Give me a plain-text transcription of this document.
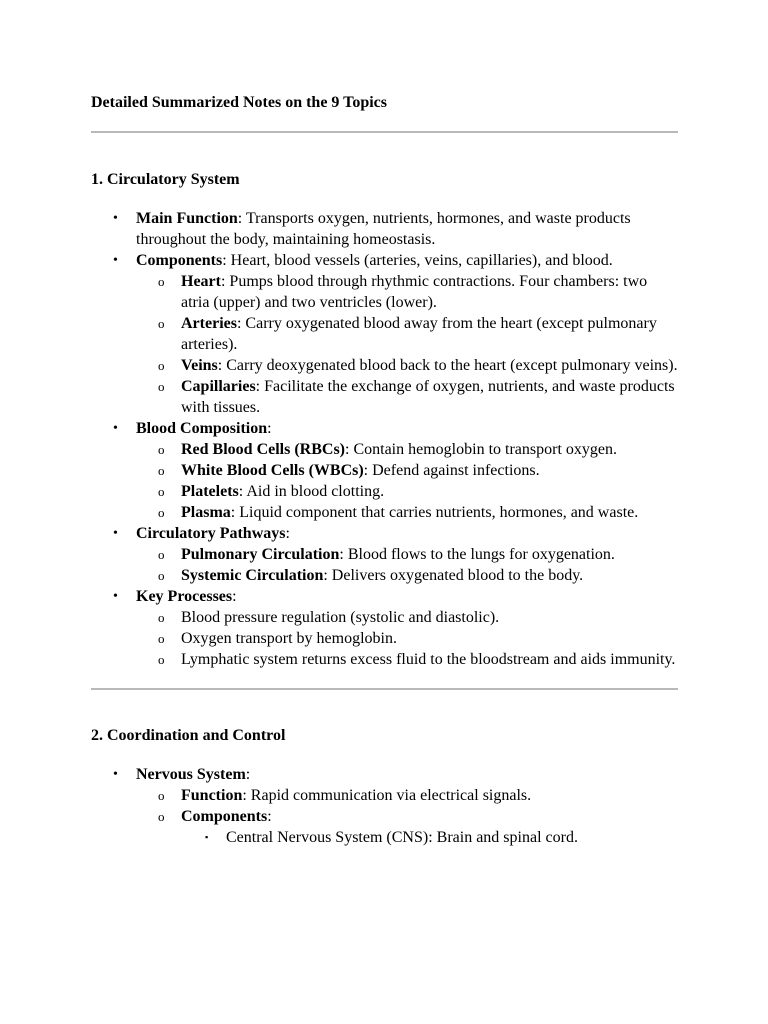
Detailed Summarized Notes on the 9 Topics
1. Circulatory System
• Main Function: Transports oxygen, nutrients, hormones, and waste products throughout the body, maintaining homeostasis.
• Components: Heart, blood vessels (arteries, veins, capillaries), and blood.
o Heart: Pumps blood through rhythmic contractions. Four chambers: two atria (upper) and two ventricles (lower).
o Arteries: Carry oxygenated blood away from the heart (except pulmonary arteries).
o Veins: Carry deoxygenated blood back to the heart (except pulmonary veins).
o Capillaries: Facilitate the exchange of oxygen, nutrients, and waste products with tissues.
• Blood Composition:
o Red Blood Cells (RBCs): Contain hemoglobin to transport oxygen.
o White Blood Cells (WBCs): Defend against infections.
o Platelets: Aid in blood clotting.
o Plasma: Liquid component that carries nutrients, hormones, and waste.
• Circulatory Pathways:
o Pulmonary Circulation: Blood flows to the lungs for oxygenation.
o Systemic Circulation: Delivers oxygenated blood to the body.
• Key Processes:
o Blood pressure regulation (systolic and diastolic).
o Oxygen transport by hemoglobin.
o Lymphatic system returns excess fluid to the bloodstream and aids immunity.
2. Coordination and Control
• Nervous System:
o Function: Rapid communication via electrical signals.
o Components:
▪ Central Nervous System (CNS): Brain and spinal cord.
